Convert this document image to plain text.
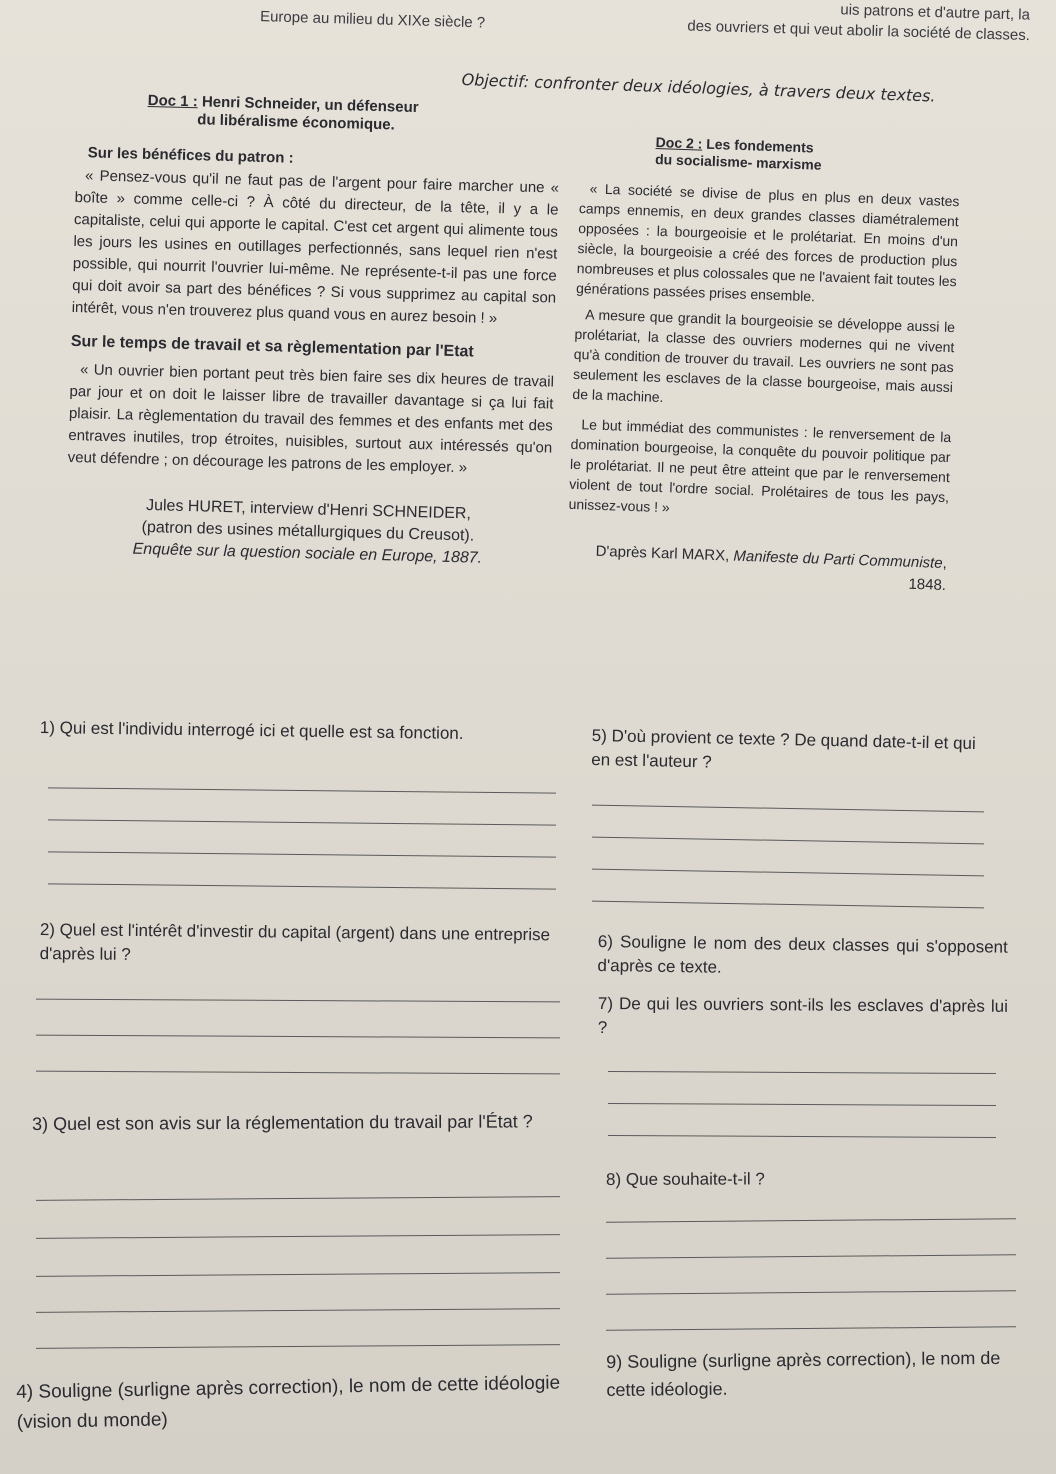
uis patrons et d'autre part, la
des ouvriers et qui veut abolir la société de classes.
Europe au milieu du XIXe siècle ?
Objectif: confronter deux idéologies, à travers deux textes.
Doc 1 : Henri Schneider, un défenseur
du libéralisme économique.
Sur les bénéfices du patron :

« Pensez-vous qu'il ne faut pas de l'argent pour faire marcher une « boîte » comme celle-ci ? À côté du directeur, de la tête, il y a le capitaliste, celui qui apporte le capital. C'est cet argent qui alimente tous les jours les usines en outillages perfectionnés, sans lequel rien n'est possible, qui nourrit l'ouvrier lui-même. Ne représente-t-il pas une force qui doit avoir sa part des bénéfices ? Si vous supprimez au capital son intérêt, vous n'en trouverez plus quand vous en aurez besoin ! »

Sur le temps de travail et sa règlementation par l'Etat

« Un ouvrier bien portant peut très bien faire ses dix heures de travail par jour et on doit le laisser libre de travailler davantage si ça lui fait plaisir. La règlementation du travail des femmes et des enfants met des entraves inutiles, trop étroites, nuisibles, surtout aux intéressés qu'on veut défendre ; on décourage les patrons de les employer. »

Jules HURET, interview d'Henri SCHNEIDER,
(patron des usines métallurgiques du Creusot).
Enquête sur la question sociale en Europe, 1887.
Doc 2 : Les fondements
du socialisme- marxisme

« La société se divise de plus en plus en deux vastes camps ennemis, en deux grandes classes diamétralement opposées : la bourgeoisie et le prolétariat. En moins d'un siècle, la bourgeoisie a créé des forces de production plus nombreuses et plus colossales que ne l'avaient fait toutes les générations passées prises ensemble.

A mesure que grandit la bourgeoisie se développe aussi le prolétariat, la classe des ouvriers modernes qui ne vivent qu'à condition de trouver du travail. Les ouvriers ne sont pas seulement les esclaves de la classe bourgeoise, mais aussi de la machine.

Le but immédiat des communistes : le renversement de la domination bourgeoise, la conquête du pouvoir politique par le prolétariat. Il ne peut être atteint que par le renversement violent de tout l'ordre social. Prolétaires de tous les pays, unissez-vous ! »

D'après Karl MARX, Manifeste du Parti Communiste, 1848.
1) Qui est l'individu interrogé ici et quelle est sa fonction.
2) Quel est l'intérêt d'investir du capital (argent) dans une entreprise d'après lui ?
3) Quel est son avis sur la réglementation du travail par l'État ?
4) Souligne (surligne après correction), le nom de cette idéologie (vision du monde)
5) D'où provient ce texte ? De quand date-t-il et qui en est l'auteur ?
6) Souligne le nom des deux classes qui s'opposent d'après ce texte.
7) De qui les ouvriers sont-ils les esclaves d'après lui ?
8) Que souhaite-t-il ?
9) Souligne (surligne après correction), le nom de cette idéologie.
